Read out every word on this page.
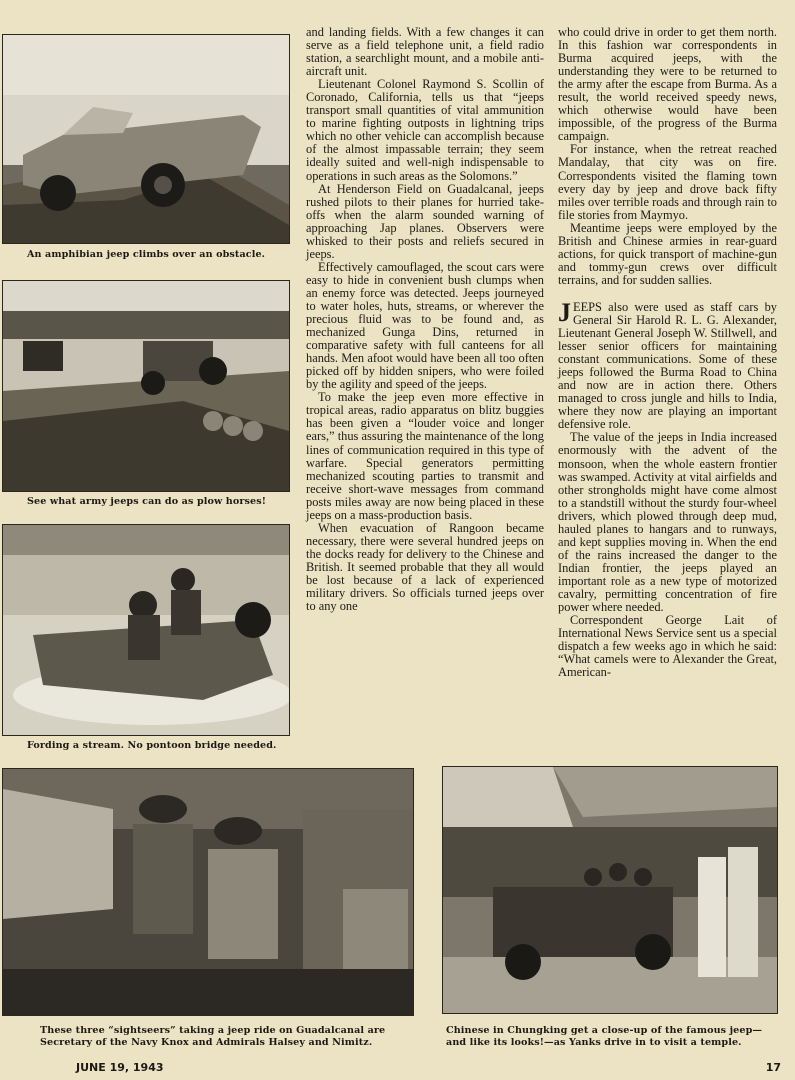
An amphibian jeep climbs over an obstacle.
See what army jeeps can do as plow horses!
Fording a stream. No pontoon bridge needed.

and landing fields. With a few changes it can serve as a field telephone unit, a field radio station, a searchlight mount, and a mobile anti-aircraft unit.

Lieutenant Colonel Raymond S. Scollin of Coronado, California, tells us that “jeeps transport small quantities of vital ammunition to marine fighting outposts in lightning trips which no other vehicle can accomplish because of the almost impassable terrain; they seem ideally suited and well-nigh indispensable to operations in such areas as the Solomons.”

At Henderson Field on Guadalcanal, jeeps rushed pilots to their planes for hurried take-offs when the alarm sounded warning of approaching Jap planes. Observers were whisked to their posts and reliefs secured in jeeps.

Effectively camouflaged, the scout cars were easy to hide in convenient bush clumps when an enemy force was detected. Jeeps journeyed to water holes, huts, streams, or wherever the precious fluid was to be found and, as mechanized Gunga Dins, returned in comparative safety with full canteens for all hands. Men afoot would have been all too often picked off by hidden snipers, who were foiled by the agility and speed of the jeeps.

To make the jeep even more effective in tropical areas, radio apparatus on blitz buggies has been given a “louder voice and longer ears,” thus assuring the maintenance of the long lines of communication required in this type of warfare. Special generators permitting mechanized scouting parties to transmit and receive short-wave messages from command posts miles away are now being placed in these jeeps on a mass-production basis.

When evacuation of Rangoon became necessary, there were several hundred jeeps on the docks ready for delivery to the Chinese and British. It seemed probable that they all would be lost because of a lack of experienced military drivers. So officials turned jeeps over to any one

who could drive in order to get them north. In this fashion war correspondents in Burma acquired jeeps, with the understanding they were to be returned to the army after the escape from Burma. As a result, the world received speedy news, which otherwise would have been impossible, of the progress of the Burma campaign.

For instance, when the retreat reached Mandalay, that city was on fire. Correspondents visited the flaming town every day by jeep and drove back fifty miles over terrible roads and through rain to file stories from Maymyo.

Meantime jeeps were employed by the British and Chinese armies in rear-guard actions, for quick transport of machine-gun and tommy-gun crews over difficult terrains, and for sudden sallies.

JEEPS also were used as staff cars by General Sir Harold R. L. G. Alexander, Lieutenant General Joseph W. Stillwell, and lesser senior officers for maintaining constant communications. Some of these jeeps followed the Burma Road to China and now are in action there. Others managed to cross jungle and hills to India, where they now are playing an important defensive role.

The value of the jeeps in India increased enormously with the advent of the monsoon, when the whole eastern frontier was swamped. Activity at vital airfields and other strongholds might have come almost to a standstill without the sturdy four-wheel drivers, which plowed through deep mud, hauled planes to hangars and to runways, and kept supplies moving in. When the end of the rains increased the danger to the Indian frontier, the jeeps played an important role as a new type of motorized cavalry, permitting concentration of fire power where needed.

Correspondent George Lait of International News Service sent us a special dispatch a few weeks ago in which he said: “What camels were to Alexander the Great, American-

These three “sightseers” taking a jeep ride on Guadalcanal are Secretary of the Navy Knox and Admirals Halsey and Nimitz.
Chinese in Chungking get a close-up of the famous jeep—and like its looks!—as Yanks drive in to visit a temple.
JUNE 19, 1943	17
